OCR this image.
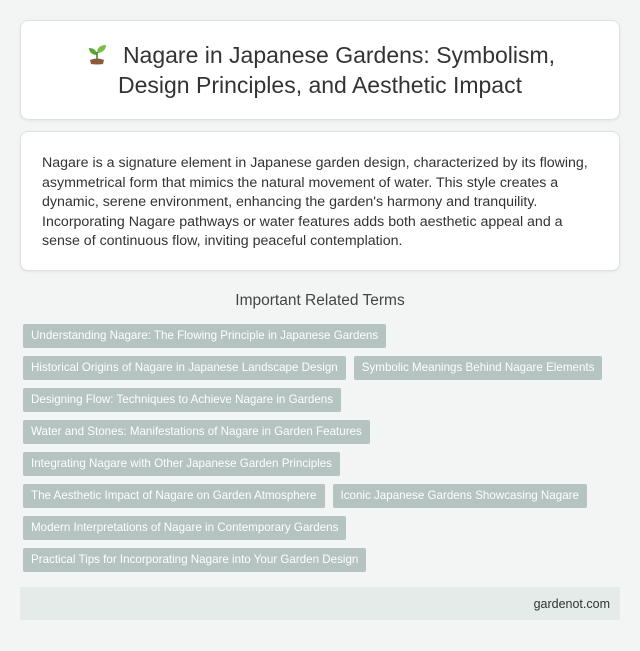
Nagare in Japanese Gardens: Symbolism,
Design Principles, and Aesthetic Impact

Nagare is a signature element in Japanese garden design, characterized by its flowing, asymmetrical form that mimics the natural movement of water. This style creates a dynamic, serene environment, enhancing the garden's harmony and tranquility. Incorporating Nagare pathways or water features adds both aesthetic appeal and a sense of continuous flow, inviting peaceful contemplation.

Important Related Terms
Understanding Nagare: The Flowing Principle in Japanese Gardens
Historical Origins of Nagare in Japanese Landscape Design	Symbolic Meanings Behind Nagare Elements
Designing Flow: Techniques to Achieve Nagare in Gardens
Water and Stones: Manifestations of Nagare in Garden Features
Integrating Nagare with Other Japanese Garden Principles
The Aesthetic Impact of Nagare on Garden Atmosphere	Iconic Japanese Gardens Showcasing Nagare
Modern Interpretations of Nagare in Contemporary Gardens
Practical Tips for Incorporating Nagare into Your Garden Design
gardenot.com
